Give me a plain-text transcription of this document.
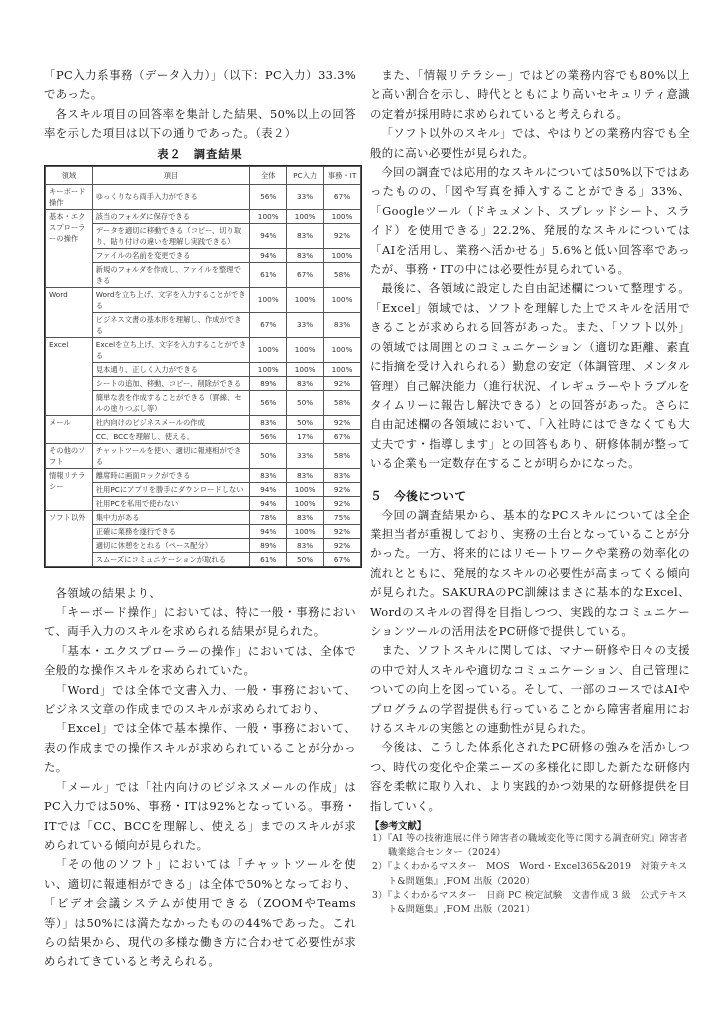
「PC入力系事務（データ入力）」（以下：PC入力）33.3%であった。

各スキル項目の回答率を集計した結果、50%以上の回答率を示した項目は以下の通りであった。（表２）

表２　調査結果
領域	項目	全体	PC入力	事務・IT
キーボード操作	ゆっくりなら両手入力ができる	56%	33%	67%
基本・エクスプローラーの操作	該当のフォルダに保存できる	100%	100%	100%
	データを適切に移動できる（コピー、切り取り、貼り付けの違いを理解し実践できる）	94%	83%	92%
	ファイルの名前を変更できる	94%	83%	100%
	新規のフォルダを作成し、ファイルを整理できる	61%	67%	58%
Word	Wordを立ち上げ、文字を入力することができる	100%	100%	100%
	ビジネス文書の基本形を理解し、作成ができる	67%	33%	83%
Excel	Excelを立ち上げ、文字を入力することができる	100%	100%	100%
	見本通り、正しく入力ができる	100%	100%	100%
	シートの追加、移動、コピー、削除ができる	89%	83%	92%
	簡単な表を作成することができる（罫線、セルの塗りつぶし等）	56%	50%	58%
メール	社内向けのビジネスメールの作成	83%	50%	92%
	CC、BCCを理解し、使える。	56%	17%	67%
その他のソフト	チャットツールを使い、適切に報連相ができる	50%	33%	58%
情報リテラシー	離席時に画面ロックができる	83%	83%	83%
	社用PCにアプリを勝手にダウンロードしない	94%	100%	92%
	社用PCを私用で使わない	94%	100%	92%
ソフト以外	集中力がある	78%	83%	75%
	正確に業務を遂行できる	94%	100%	92%
	適切に休憩をとれる（ペース配分）	89%	83%	92%
	スムーズにコミュニケーションが取れる	61%	50%	67%

各領域の結果より、

「キーボード操作」においては、特に一般・事務において、両手入力のスキルを求められる結果が見られた。

「基本・エクスプローラーの操作」においては、全体で全般的な操作スキルを求められていた。

「Word」では全体で文書入力、一般・事務において、ビジネス文章の作成までのスキルが求められており、

「Excel」では全体で基本操作、一般・事務において、表の作成までの操作スキルが求められていることが分かった。

「メール」では「社内向けのビジネスメールの作成」はPC入力では50%、事務・ITは92%となっている。事務・ITでは「CC、BCCを理解し、使える」までのスキルが求められている傾向が見られた。

「その他のソフト」においては「チャットツールを使い、適切に報連相ができる」は全体で50%となっており、「ビデオ会議システムが使用できる（ZOOMやTeams等）」は50%には満たなかったものの44%であった。これらの結果から、現代の多様な働き方に合わせて必要性が求められてきていると考えられる。

また、「情報リテラシー」ではどの業務内容でも80%以上と高い割合を示し、時代とともにより高いセキュリティ意識の定着が採用時に求められていると考えられる。

「ソフト以外のスキル」では、やはりどの業務内容でも全般的に高い必要性が見られた。

今回の調査では応用的なスキルについては50%以下ではあったものの、「図や写真を挿入することができる」33%、「Googleツール（ドキュメント、スプレッドシート、スライド）を使用できる」22.2%、発展的なスキルについては「AIを活用し、業務へ活かせる」5.6%と低い回答率であったが、事務・ITの中には必要性が見られている。

最後に、各領域に設定した自由記述欄について整理する。「Excel」領域では、ソフトを理解した上でスキルを活用できることが求められる回答があった。また、「ソフト以外」の領域では周囲とのコミュニケーション（適切な距離、素直に指摘を受け入れられる）勤怠の安定（体調管理、メンタル管理）自己解決能力（進行状況、イレギュラーやトラブルをタイムリーに報告し解決できる）との回答があった。さらに自由記述欄の各領域において、「入社時にはできなくても大丈夫です・指導します」との回答もあり、研修体制が整っている企業も一定数存在することが明らかになった。

５　今後について

今回の調査結果から、基本的なPCスキルについては全企業担当者が重視しており、実務の土台となっていることが分かった。一方、将来的にはリモートワークや業務の効率化の流れとともに、発展的なスキルの必要性が高まってくる傾向が見られた。SAKURAのPC訓練はまさに基本的なExcel、Wordのスキルの習得を目指しつつ、実践的なコミュニケーションツールの活用法をPC研修で提供している。

また、ソフトスキルに関しては、マナー研修や日々の支援の中で対人スキルや適切なコミュニケーション、自己管理についての向上を図っている。そして、一部のコースではAIやプログラムの学習提供も行っていることから障害者雇用におけるスキルの実態との連動性が見られた。

今後は、こうした体系化されたPC研修の強みを活かしつつ、時代の変化や企業ニーズの多様化に即した新たな研修内容を柔軟に取り入れ、より実践的かつ効果的な研修提供を目指していく。

【参考文献】
1）『AI 等の技術進展に伴う障害者の職域変化等に関する調査研究』障害者職業総合センター（2024）
2）『よくわかるマスター　MOS　Word・Excel365&2019　対策テキスト&問題集』,FOM 出版（2020）
3）『よくわかるマスター　日商 PC 検定試験　文書作成 3 級　公式テキスト&問題集』,FOM 出版（2021）
